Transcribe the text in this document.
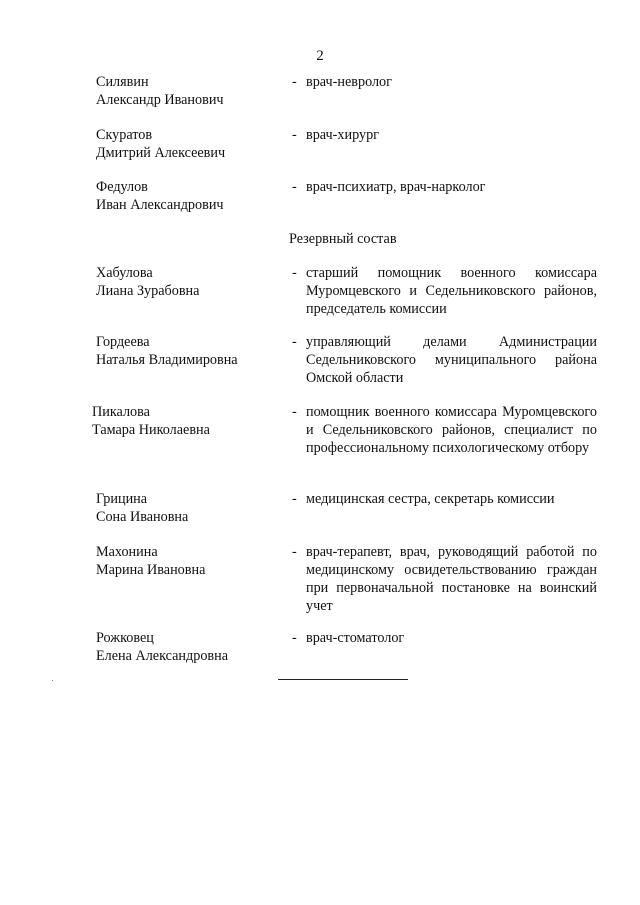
2
Силявин
Александр Иванович
- врач-невролог
Скуратов
Дмитрий Алексеевич
- врач-хирург
Федулов
Иван Александрович
- врач-психиатр, врач-нарколог
Резервный состав
Хабулова
Лиана Зурабовна
- старший помощник военного комиссара Муромцевского и Седельниковского районов, председатель комиссии
Гордеева
Наталья Владимировна
- управляющий делами Администрации Седельниковского муниципального района Омской области
Пикалова
Тамара Николаевна
- помощник военного комиссара Муромцевского и Седельниковского районов, специалист по профессиональному психологическому отбору
Грицина
Сона Ивановна
- медицинская сестра, секретарь комиссии
Махонина
Марина Ивановна
- врач-терапевт, врач, руководящий работой по медицинскому освидетельствованию граждан при первоначальной постановке на воинский учет
Рожковец
Елена Александровна
- врач-стоматолог
